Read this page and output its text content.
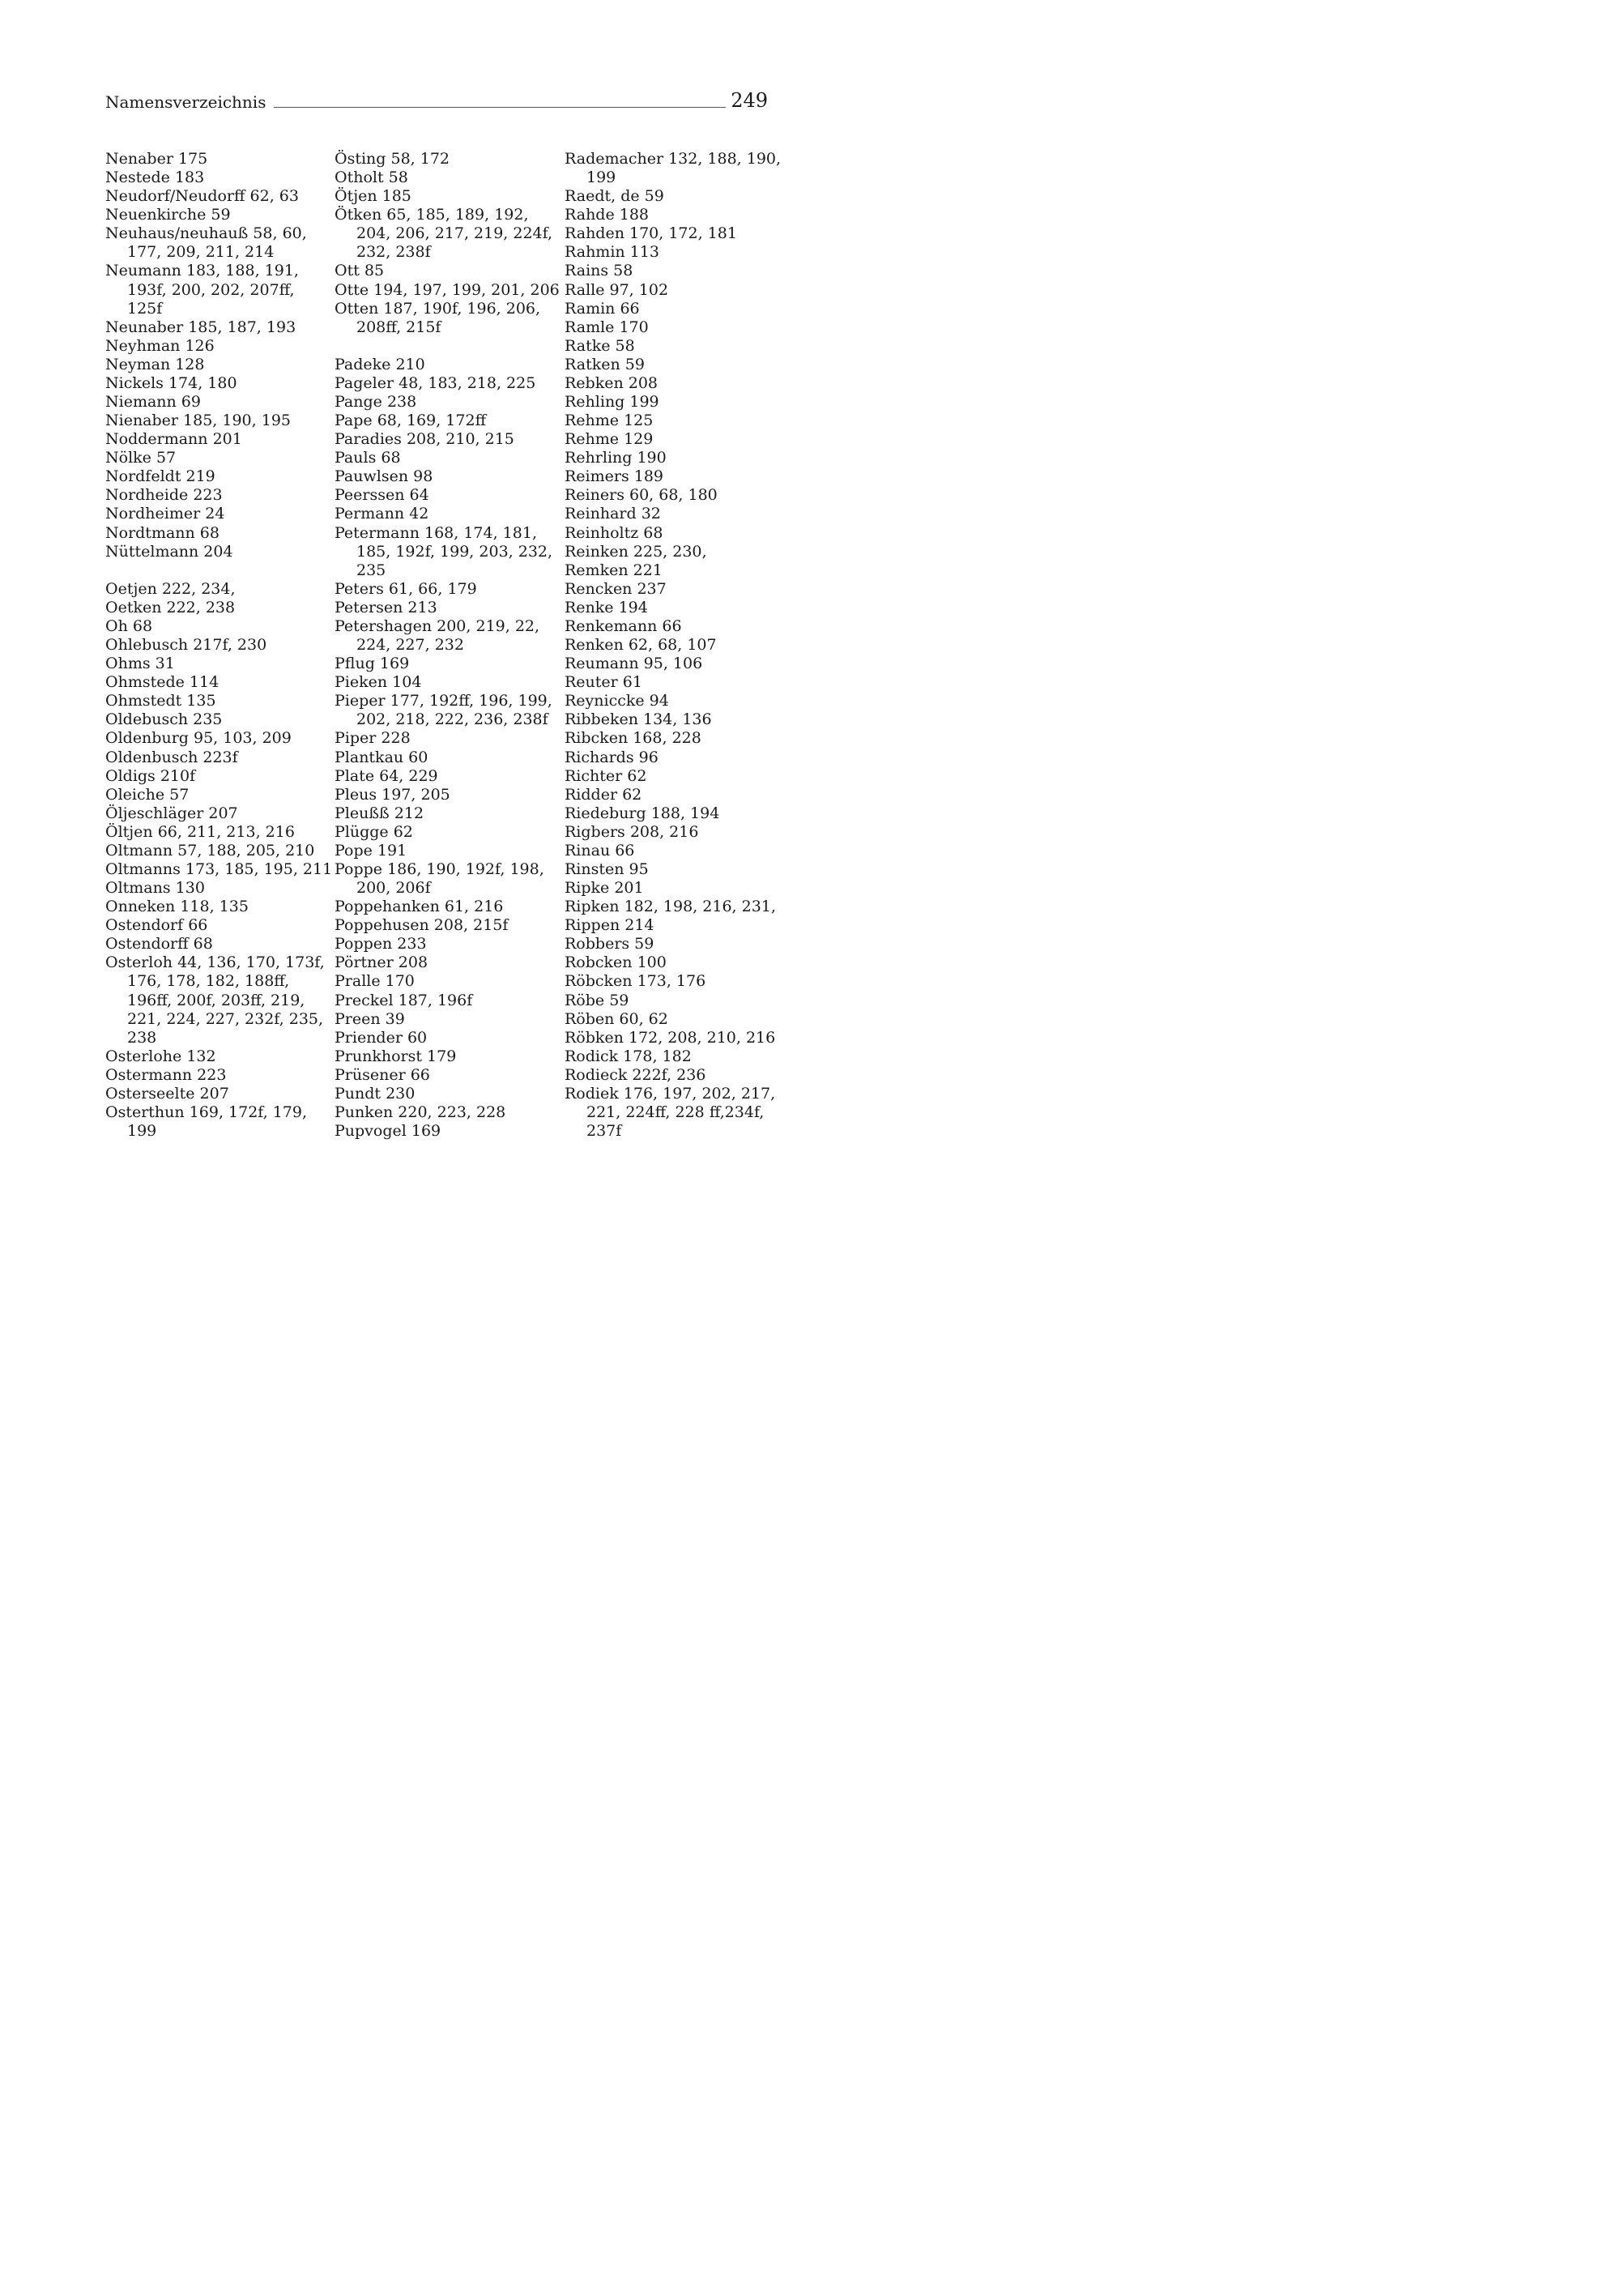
Namensverzeichnis	249
Nenaber 175
Nestede 183
Neudorf/Neudorff 62, 63
Neuenkirche 59
Neuhaus/neuhauß 58, 60,
177, 209, 211, 214
Neumann 183, 188, 191,
193f, 200, 202, 207ff,
125f
Neunaber 185, 187, 193
Neyhman 126
Neyman 128
Nickels 174, 180
Niemann 69
Nienaber 185, 190, 195
Noddermann 201
Nölke 57
Nordfeldt 219
Nordheide 223
Nordheimer 24
Nordtmann 68
Nüttelmann 204
Oetjen 222, 234,
Oetken 222, 238
Oh 68
Ohlebusch 217f, 230
Ohms 31
Ohmstede 114
Ohmstedt 135
Oldebusch 235
Oldenburg 95, 103, 209
Oldenbusch 223f
Oldigs 210f
Oleiche 57
Öljeschläger 207
Öltjen 66, 211, 213, 216
Oltmann 57, 188, 205, 210
Oltmanns 173, 185, 195, 211
Oltmans 130
Onneken 118, 135
Ostendorf 66
Ostendorff 68
Osterloh 44, 136, 170, 173f,
176, 178, 182, 188ff,
196ff, 200f, 203ff, 219,
221, 224, 227, 232f, 235,
238
Osterlohe 132
Ostermann 223
Osterseelte 207
Osterthun 169, 172f, 179,
199
Östing 58, 172
Otholt 58
Ötjen 185
Ötken 65, 185, 189, 192,
204, 206, 217, 219, 224f,
232, 238f
Ott 85
Otte 194, 197, 199, 201, 206
Otten 187, 190f, 196, 206,
208ff, 215f
Padeke 210
Pageler 48, 183, 218, 225
Pange 238
Pape 68, 169, 172ff
Paradies 208, 210, 215
Pauls 68
Pauwlsen 98
Peerssen 64
Permann 42
Petermann 168, 174, 181,
185, 192f, 199, 203, 232,
235
Peters 61, 66, 179
Petersen 213
Petershagen 200, 219, 22,
224, 227, 232
Pflug 169
Pieken 104
Pieper 177, 192ff, 196, 199,
202, 218, 222, 236, 238f
Piper 228
Plantkau 60
Plate 64, 229
Pleus 197, 205
Pleußß 212
Plügge 62
Pope 191
Poppe 186, 190, 192f, 198,
200, 206f
Poppehanken 61, 216
Poppehusen 208, 215f
Poppen 233
Pörtner 208
Pralle 170
Preckel 187, 196f
Preen 39
Priender 60
Prunkhorst 179
Prüsener 66
Pundt 230
Punken 220, 223, 228
Pupvogel 169
Rademacher 132, 188, 190,
199
Raedt, de 59
Rahde 188
Rahden 170, 172, 181
Rahmin 113
Rains 58
Ralle 97, 102
Ramin 66
Ramle 170
Ratke 58
Ratken 59
Rebken 208
Rehling 199
Rehme 125
Rehme 129
Rehrling 190
Reimers 189
Reiners 60, 68, 180
Reinhard 32
Reinholtz 68
Reinken 225, 230,
Remken 221
Rencken 237
Renke 194
Renkemann 66
Renken 62, 68, 107
Reumann 95, 106
Reuter 61
Reyniccke 94
Ribbeken 134, 136
Ribcken 168, 228
Richards 96
Richter 62
Ridder 62
Riedeburg 188, 194
Rigbers 208, 216
Rinau 66
Rinsten 95
Ripke 201
Ripken 182, 198, 216, 231,
Rippen 214
Robbers 59
Robcken 100
Röbcken 173, 176
Röbe 59
Röben 60, 62
Röbken 172, 208, 210, 216
Rodick 178, 182
Rodieck 222f, 236
Rodiek 176, 197, 202, 217,
221, 224ff, 228 ff,234f,
237f
